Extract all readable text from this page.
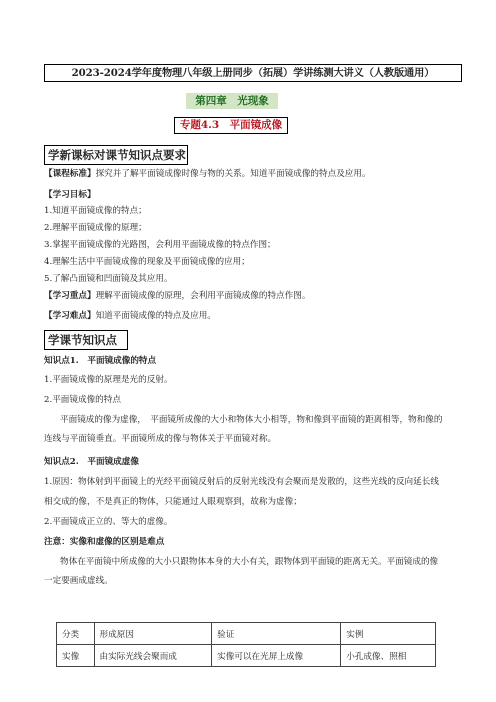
2023-2024学年度物理八年级上册同步（拓展）学讲练测大讲义（人教版通用）
第四章　光现象
专题4.3　平面镜成像
学新课标对课节知识点要求
【课程标准】探究并了解平面镜成像时像与物的关系。知道平面镜成像的特点及应用。
【学习目标】
1.知道平面镜成像的特点；
2.理解平面镜成像的原理；
3.掌握平面镜成像的光路图，会利用平面镜成像的特点作图；
4.理解生活中平面镜成像的现象及平面镜成像的应用；
5.了解凸面镜和凹面镜及其应用。
【学习重点】理解平面镜成像的原理，会利用平面镜成像的特点作图。
【学习难点】知道平面镜成像的特点及应用。
学课节知识点
知识点1.　平面镜成像的特点
1.平面镜成像的原理是光的反射。
2.平面镜成像的特点
平面镜成的像为虚像，　平面镜所成像的大小和物体大小相等，物和像到平面镜的距离相等，物和像的
连线与平面镜垂直。平面镜所成的像与物体关于平面镜对称。
知识点2.　平面镜成虚像
1.原因：物体射到平面镜上的光经平面镜反射后的反射光线没有会聚而是发散的，这些光线的反向延长线
相交成的像，不是真正的物体，只能通过人眼观察到，故称为虚像；
2.平面镜成正立的、等大的虚像。
注意：实像和虚像的区别是难点
物体在平面镜中所成像的大小只跟物体本身的大小有关，跟物体到平面镜的距离无关。平面镜成的像
一定要画成虚线。
分类	形成原因	验证	实例
实像	由实际光线会聚而成	实像可以在光屏上成像	小孔成像、照相
